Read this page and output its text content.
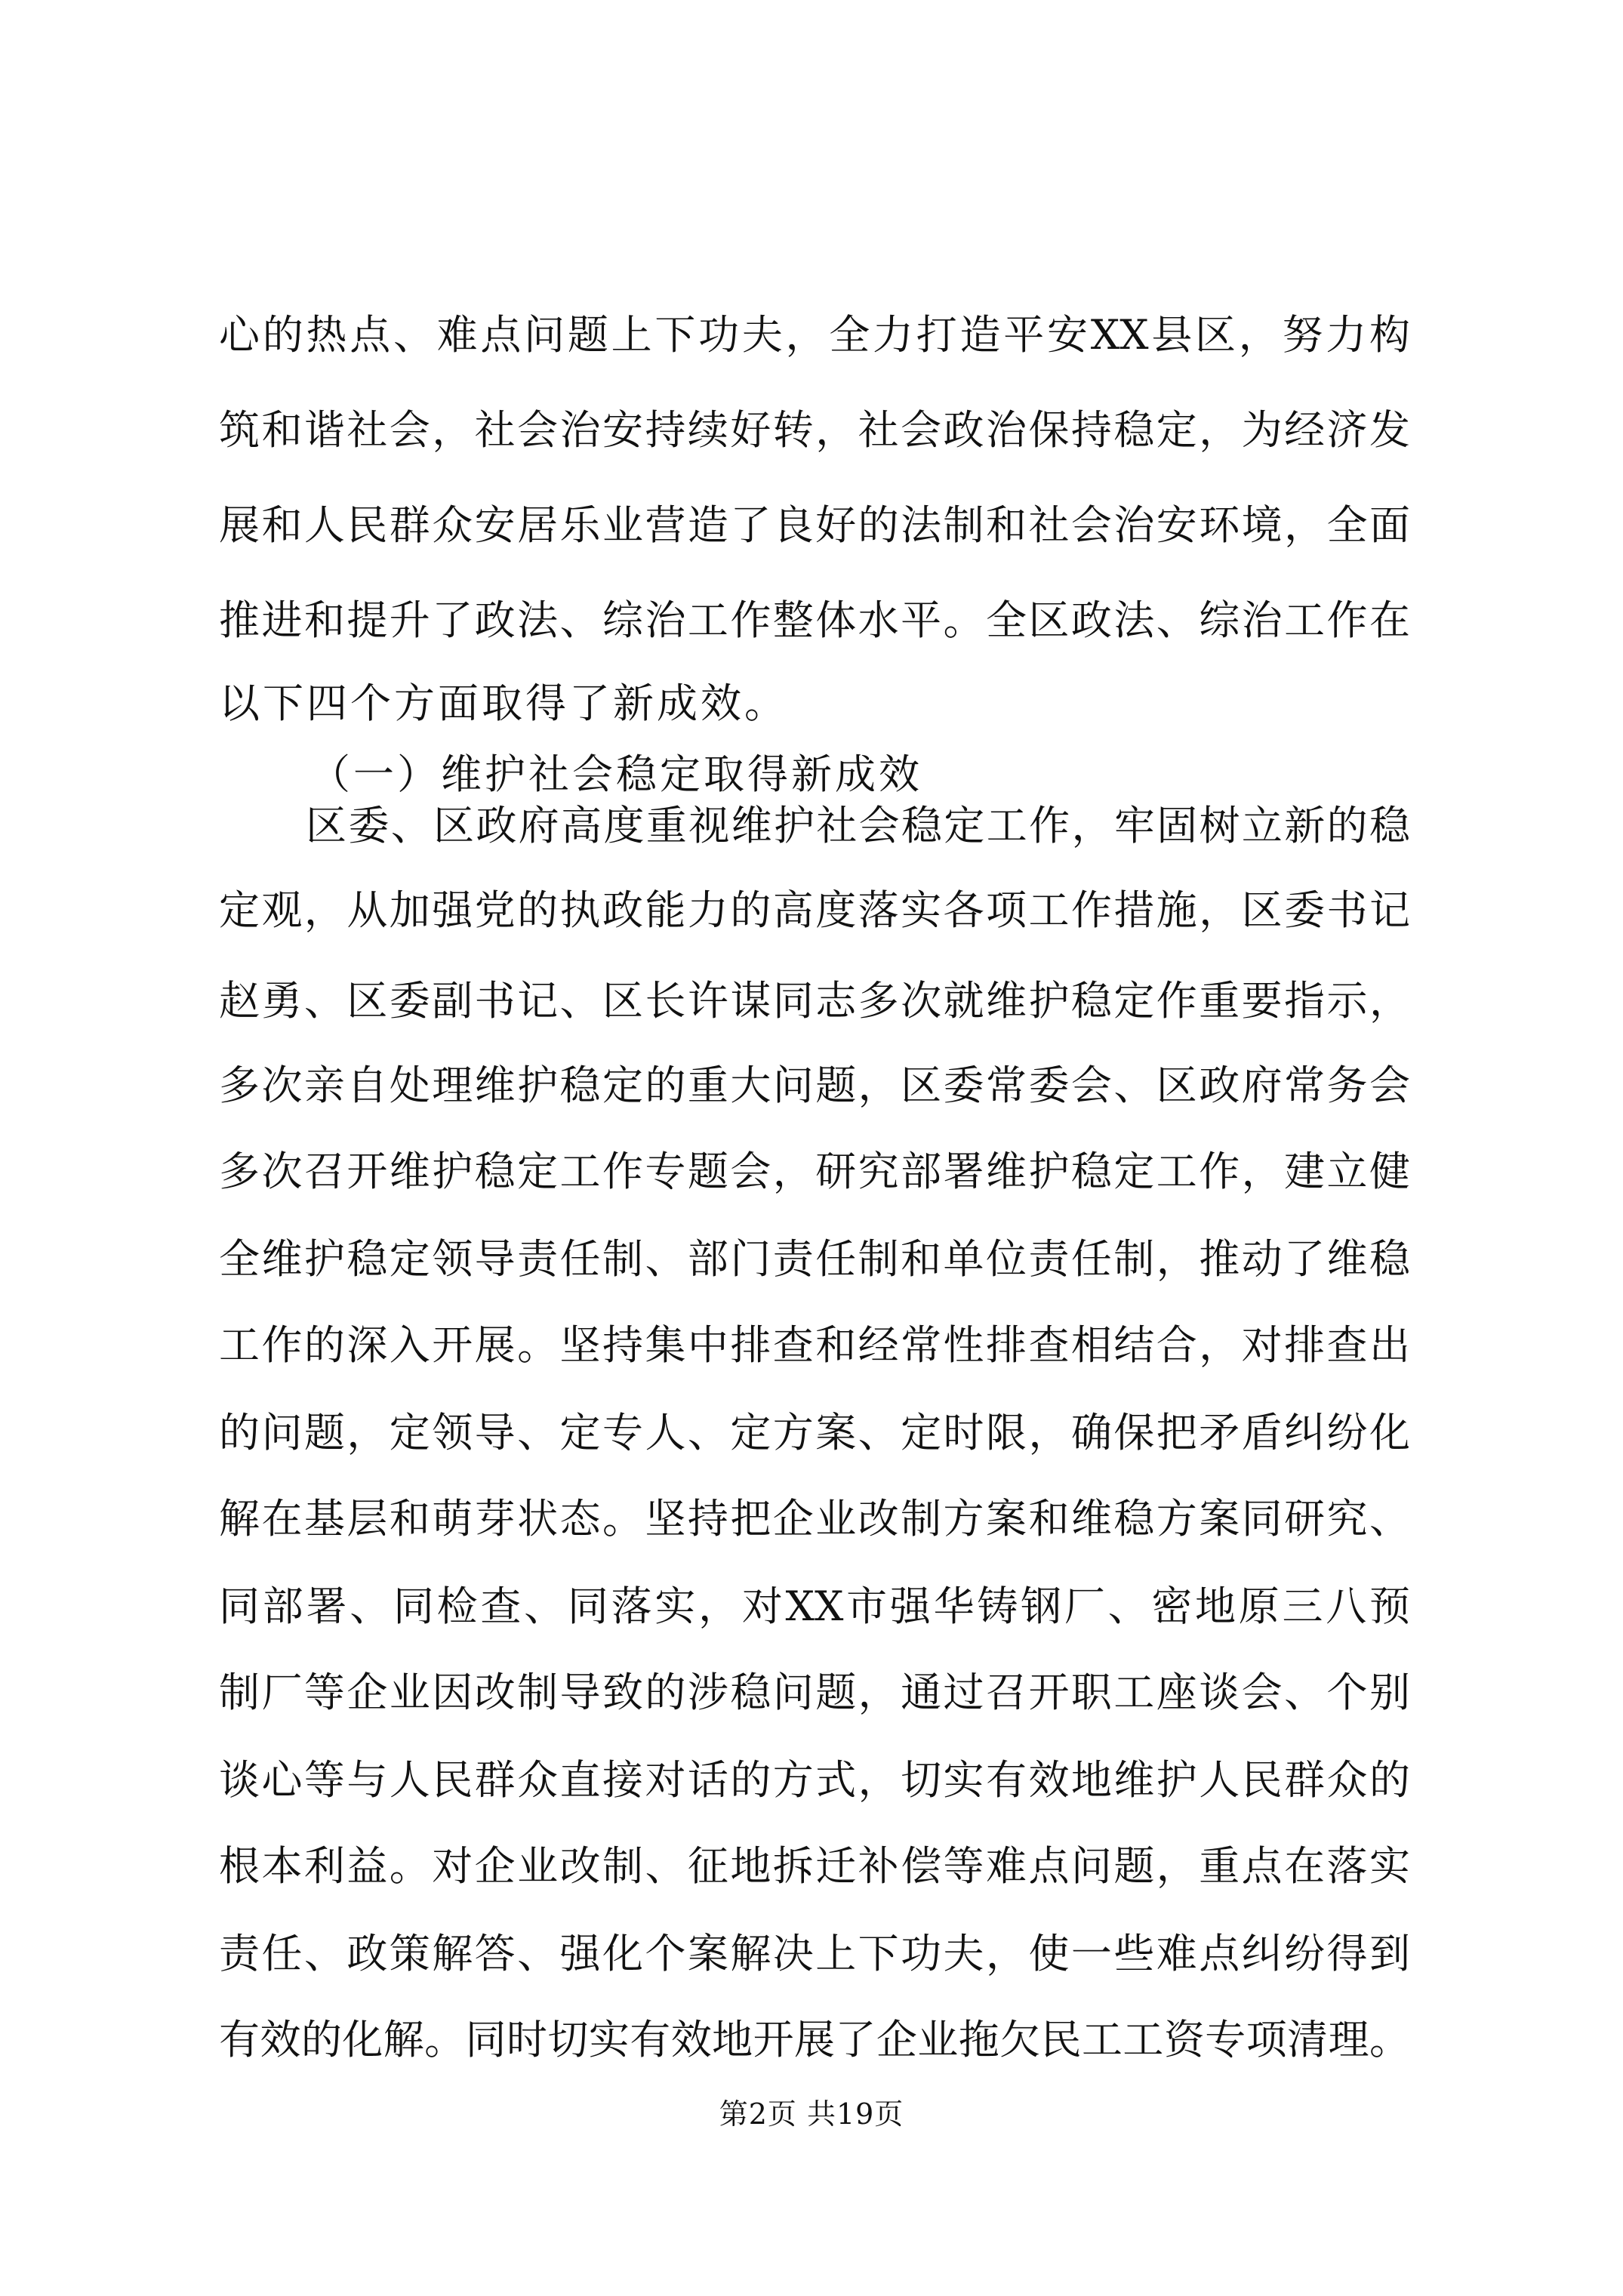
心的热点、难点问题上下功夫，全力打造平安XX县区，努力构
筑和谐社会，社会治安持续好转，社会政治保持稳定，为经济发
展和人民群众安居乐业营造了良好的法制和社会治安环境，全面
推进和提升了政法、综治工作整体水平。全区政法、综治工作在
以下四个方面取得了新成效。
（一）维护社会稳定取得新成效
区委、区政府高度重视维护社会稳定工作，牢固树立新的稳
定观，从加强党的执政能力的高度落实各项工作措施，区委书记
赵勇、区委副书记、区长许谋同志多次就维护稳定作重要指示，
多次亲自处理维护稳定的重大问题，区委常委会、区政府常务会
多次召开维护稳定工作专题会，研究部署维护稳定工作，建立健
全维护稳定领导责任制、部门责任制和单位责任制，推动了维稳
工作的深入开展。坚持集中排查和经常性排查相结合，对排查出
的问题，定领导、定专人、定方案、定时限，确保把矛盾纠纷化
解在基层和萌芽状态。坚持把企业改制方案和维稳方案同研究、
同部署、同检查、同落实，对XX市强华铸钢厂、密地原三八预
制厂等企业因改制导致的涉稳问题，通过召开职工座谈会、个别
谈心等与人民群众直接对话的方式，切实有效地维护人民群众的
根本利益。对企业改制、征地拆迁补偿等难点问题，重点在落实
责任、政策解答、强化个案解决上下功夫，使一些难点纠纷得到
有效的化解。同时切实有效地开展了企业拖欠民工工资专项清理。
第2页 共19页
